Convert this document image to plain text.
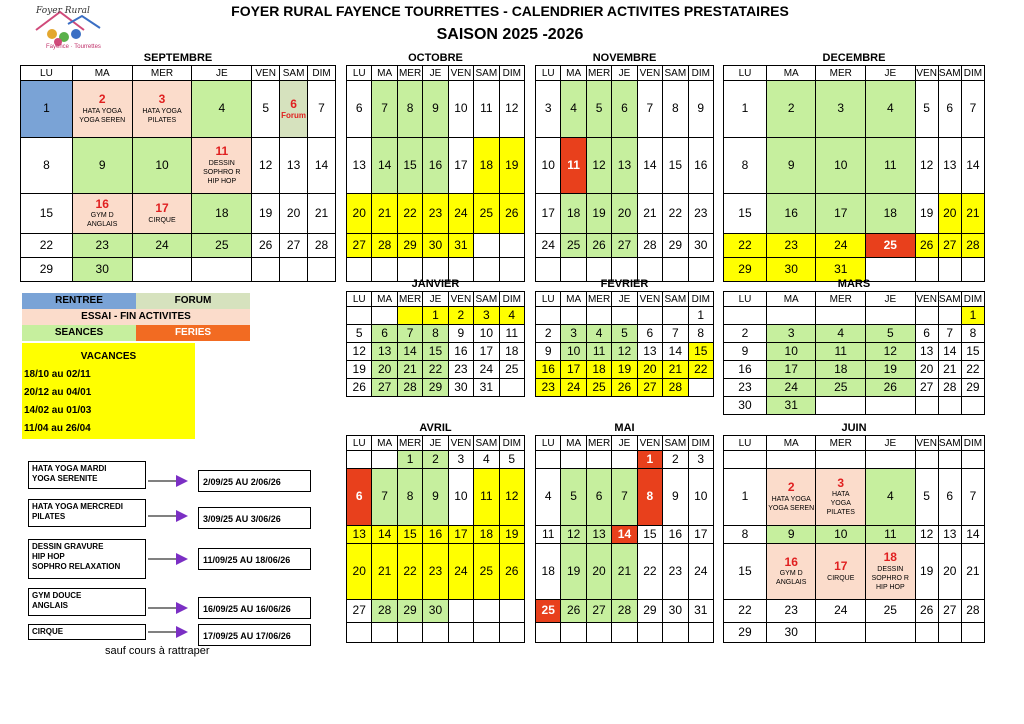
Foyer Rural
Fayence · Tourrettes
FOYER RURAL FAYENCE TOURRETTES - CALENDRIER ACTIVITES PRESTATAIRES
SAISON 2025 -2026
SEPTEMBRE
LU	MA	MER	JE	VEN	SAM	DIM
1	2
HATA YOGA
YOGA SEREN	3
HATA YOGA
PILATES	4	5	6
Forum	7
8	9	10	11
DESSIN
SOPHRO R
HIP HOP	12	13	14
15	16
GYM D
ANGLAIS	17
CIRQUE	18	19	20	21
22	23	24	25	26	27	28
29	30					
OCTOBRE
LU	MA	MER	JE	VEN	SAM	DIM
6	7	8	9	10	11	12
13	14	15	16	17	18	19
20	21	22	23	24	25	26
27	28	29	30	31		

NOVEMBRE
LU	MA	MER	JE	VEN	SAM	DIM
3	4	5	6	7	8	9
10	11	12	13	14	15	16
17	18	19	20	21	22	23
24	25	26	27	28	29	30

DECEMBRE
LU	MA	MER	JE	VEN	SAM	DIM
1	2	3	4	5	6	7
8	9	10	11	12	13	14
15	16	17	18	19	20	21
22	23	24	25	26	27	28
29	30	31				
JANVIER
LU	MA	MER	JE	VEN	SAM	DIM
			1	2	3	4
5	6	7	8	9	10	11
12	13	14	15	16	17	18
19	20	21	22	23	24	25
26	27	28	29	30	31	
FEVRIER
LU	MA	MER	JE	VEN	SAM	DIM
						1
2	3	4	5	6	7	8
9	10	11	12	13	14	15
16	17	18	19	20	21	22
23	24	25	26	27	28	
MARS
LU	MA	MER	JE	VEN	SAM	DIM
						1
2	3	4	5	6	7	8
9	10	11	12	13	14	15
16	17	18	19	20	21	22
23	24	25	26	27	28	29
30	31					
AVRIL
LU	MA	MER	JE	VEN	SAM	DIM
		1	2	3	4	5
6	7	8	9	10	11	12
13	14	15	16	17	18	19
20	21	22	23	24	25	26
27	28	29	30			

MAI
LU	MA	MER	JE	VEN	SAM	DIM
				1	2	3
4	5	6	7	8	9	10
11	12	13	14	15	16	17
18	19	20	21	22	23	24
25	26	27	28	29	30	31

JUIN
LU	MA	MER	JE	VEN	SAM	DIM

1	2
HATA YOGA
YOGA SEREN	3
HATA
YOGA
PILATES	4	5	6	7
8	9	10	11	12	13	14
15	16
GYM D
ANGLAIS	17
CIRQUE	18
DESSIN
SOPHRO R
HIP HOP	19	20	21
22	23	24	25	26	27	28
29	30					
RENTREE	FORUM
ESSAI - FIN ACTIVITES
SEANCES	FERIES
VACANCES
18/10 au 02/11
20/12 au 04/01
14/02 au 01/03
11/04 au 26/04
HATA YOGA MARDI
YOGA SERENITE	2/09/25 AU 2/06/26
HATA YOGA MERCREDI
PILATES	3/09/25 AU 3/06/26
DESSIN GRAVURE
HIP HOP
SOPHRO RELAXATION
11/09/25 AU 18/06/26
GYM DOUCE
ANGLAIS	16/09/25 AU 16/06/26
CIRQUE	17/09/25 AU 17/06/26
sauf cours à rattraper
